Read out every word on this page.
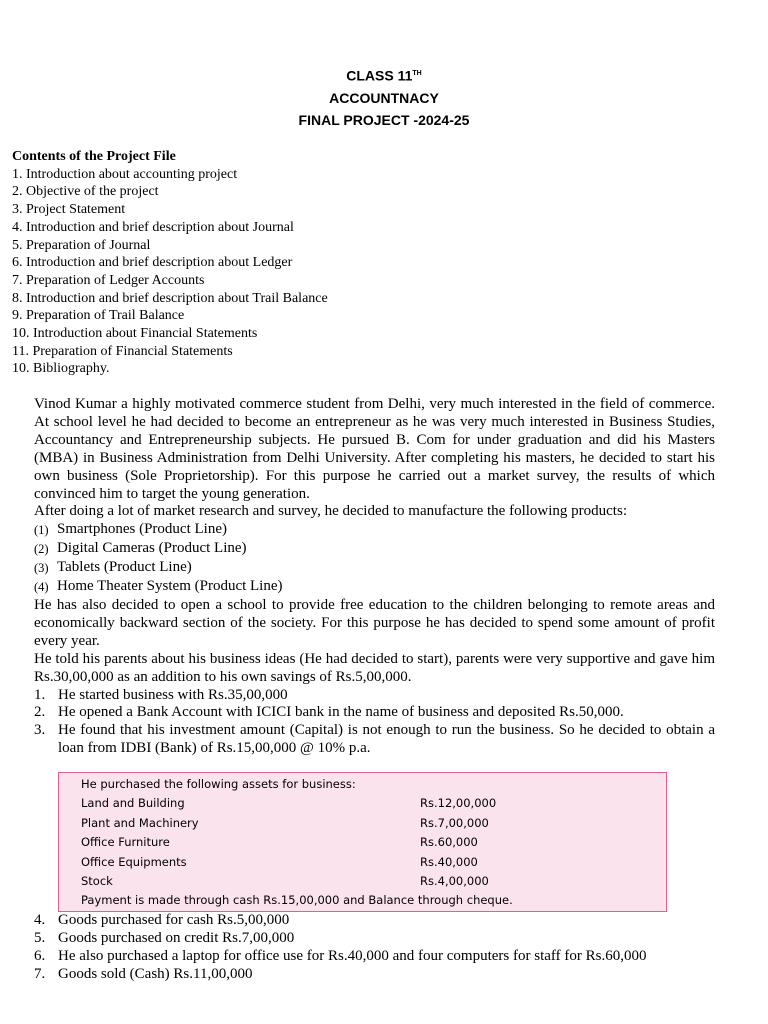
CLASS 11TH
ACCOUNTNACY
FINAL PROJECT -2024-25
Contents of the Project File
1. Introduction about accounting project
2. Objective of the project
3. Project Statement
4. Introduction and brief description about Journal
5. Preparation of Journal
6. Introduction and brief description about Ledger
7. Preparation of Ledger Accounts
8. Introduction and brief description about Trail Balance
9. Preparation of Trail Balance
10. Introduction about Financial Statements
11. Preparation of Financial Statements
10. Bibliography.

Vinod Kumar a highly motivated commerce student from Delhi, very much interested in the field of commerce. At school level he had decided to become an entrepreneur as he was very much interested in Business Studies, Accountancy and Entrepreneurship subjects. He pursued B. Com for under graduation and did his Masters (MBA) in Business Administration from Delhi University. After completing his masters, he decided to start his own business (Sole Proprietorship). For this purpose he carried out a market survey, the results of which convinced him to target the young generation.

After doing a lot of market research and survey, he decided to manufacture the following products:

(1) Smartphones (Product Line)
(2) Digital Cameras (Product Line)
(3) Tablets (Product Line)
(4) Home Theater System (Product Line)

He has also decided to open a school to provide free education to the children belonging to remote areas and economically backward section of the society. For this purpose he has decided to spend some amount of profit every year.

He told his parents about his business ideas (He had decided to start), parents were very supportive and gave him Rs.30,00,000 as an addition to his own savings of Rs.5,00,000.

1. He started business with Rs.35,00,000
2. He opened a Bank Account with ICICI bank in the name of business and deposited Rs.50,000.
3. He found that his investment amount (Capital) is not enough to run the business. So he decided to obtain a loan from IDBI (Bank) of Rs.15,00,000 @ 10% p.a.
He purchased the following assets for business:
Land and Building	Rs.12,00,000
Plant and Machinery	Rs.7,00,000
Office Furniture	Rs.60,000
Office Equipments	Rs.40,000
Stock	Rs.4,00,000
Payment is made through cash Rs.15,00,000 and Balance through cheque.
4. Goods purchased for cash Rs.5,00,000
5. Goods purchased on credit Rs.7,00,000
6. He also purchased a laptop for office use for Rs.40,000 and four computers for staff for Rs.60,000
7. Goods sold (Cash) Rs.11,00,000
